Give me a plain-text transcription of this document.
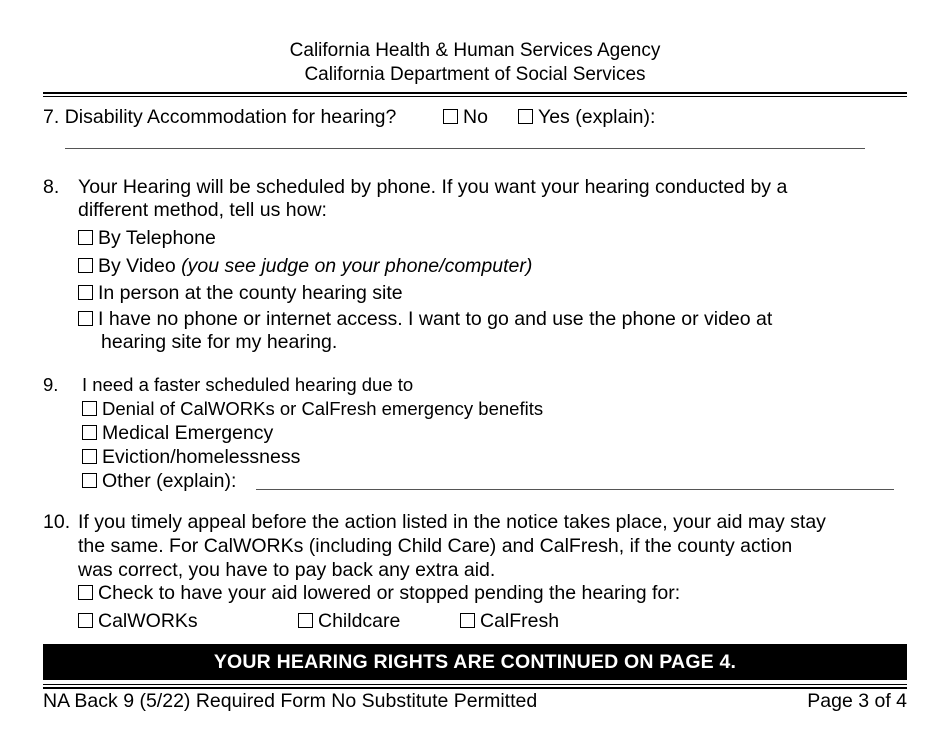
California Health & Human Services Agency
California Department of Social Services
7. Disability Accommodation for hearing?	No	Yes (explain):
8. Your Hearing will be scheduled by phone. If you want your hearing conducted by a
different method, tell us how:
By Telephone
By Video (you see judge on your phone/computer)
In person at the county hearing site
I have no phone or internet access. I want to go and use the phone or video at
hearing site for my hearing.
9. I need a faster scheduled hearing due to
Denial of CalWORKs or CalFresh emergency benefits
Medical Emergency
Eviction/homelessness
Other (explain):
10. If you timely appeal before the action listed in the notice takes place, your aid may stay
the same. For CalWORKs (including Child Care) and CalFresh, if the county action
was correct, you have to pay back any extra aid.
Check to have your aid lowered or stopped pending the hearing for:
CalWORKs	Childcare	CalFresh
YOUR HEARING RIGHTS ARE CONTINUED ON PAGE 4.
NA Back 9 (5/22) Required Form No Substitute Permitted	Page 3 of 4
